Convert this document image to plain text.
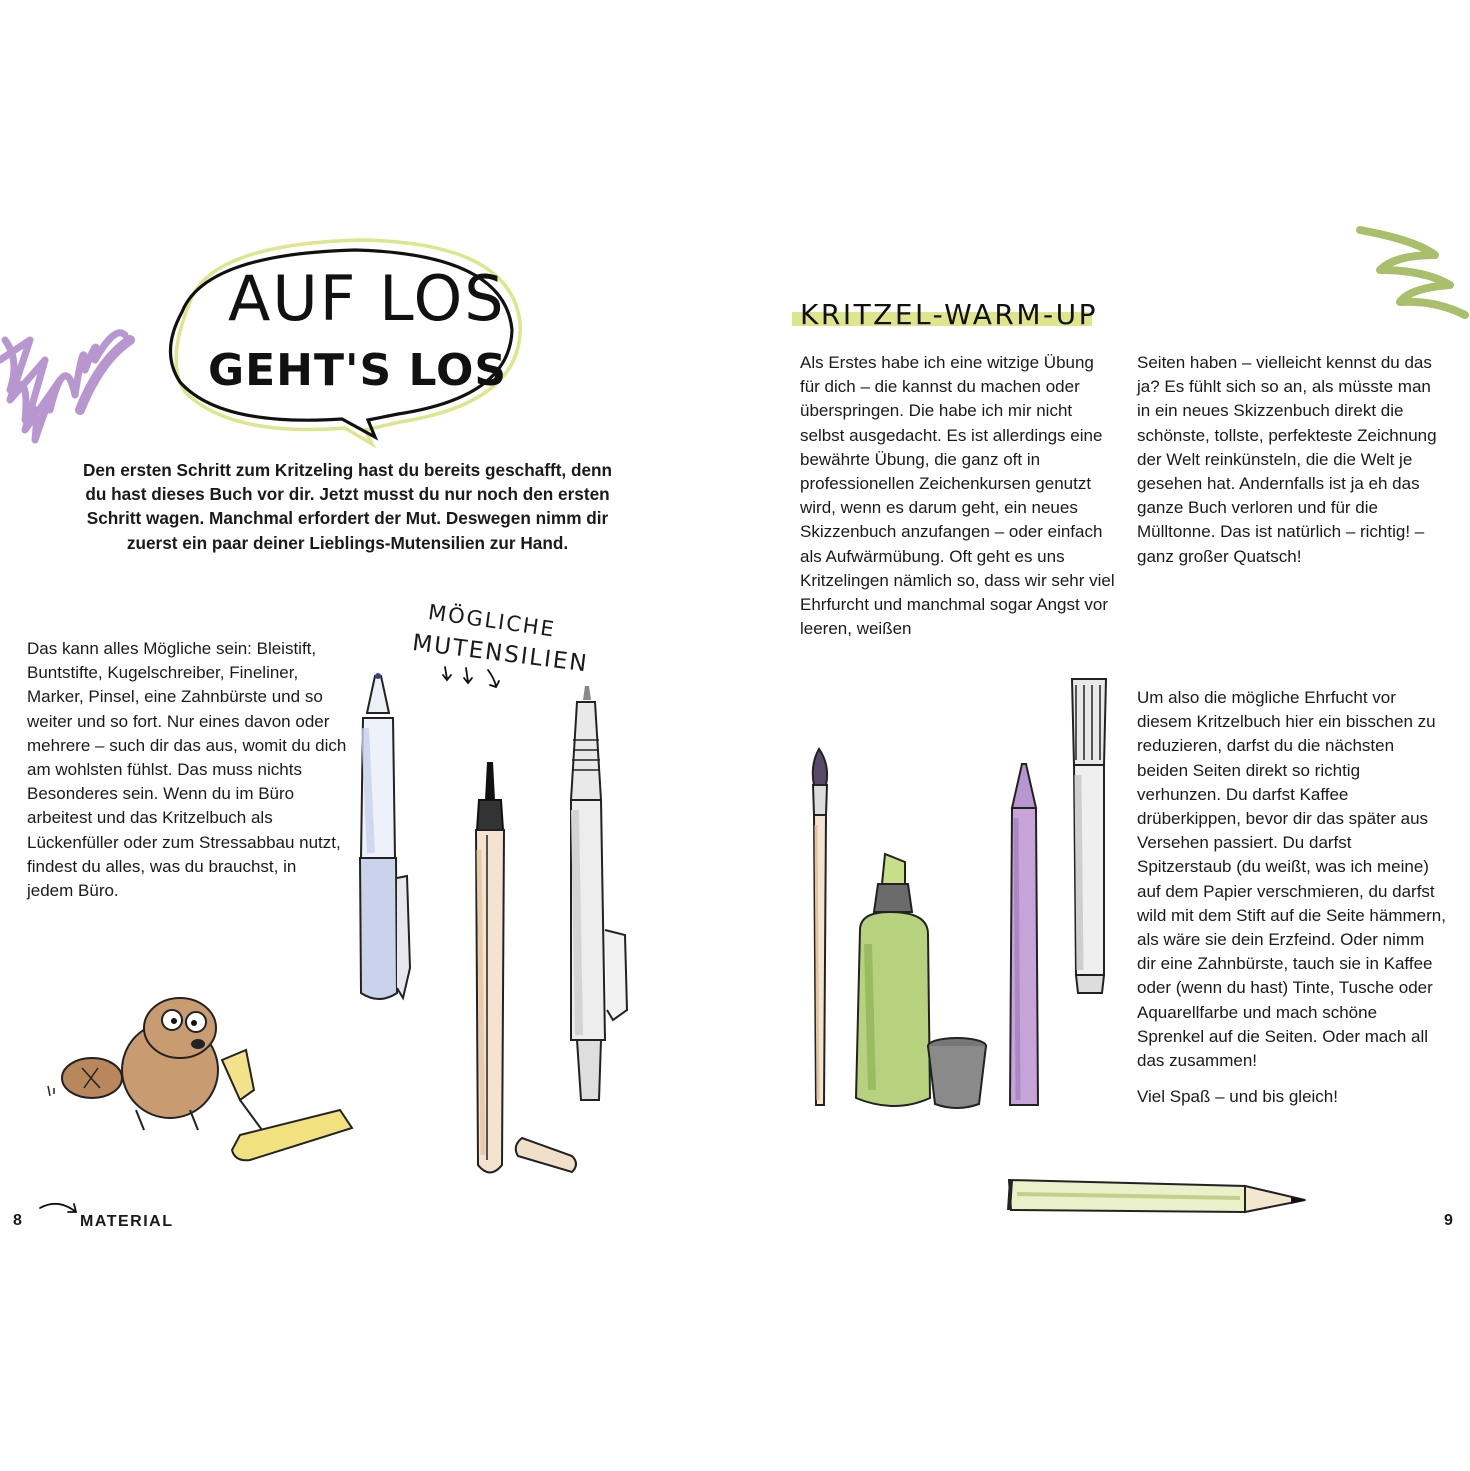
AUF LOS
GEHT'S LOS
Den ersten Schritt zum Kritzeling hast du bereits geschafft, denn du hast dieses Buch vor dir. Jetzt musst du nur noch den ersten Schritt wagen. Manchmal erfordert der Mut. Deswegen nimm dir zuerst ein paar deiner Lieblings-Mutensilien zur Hand.

Das kann alles Mögliche sein: Bleistift, Buntstifte, Kugelschreiber, Fineliner, Marker, Pinsel, eine Zahnbürste und so weiter und so fort. Nur eines davon oder mehrere – such dir das aus, womit du dich am wohlsten fühlst. Das muss nichts Besonderes sein. Wenn du im Büro arbeitest und das Kritzelbuch als Lückenfüller oder zum Stressabbau nutzt, findest du alles, was du brauchst, in jedem Büro.

MÖGLICHE
MUTENSILIEN
8	MATERIAL
KRITZEL-WARM-UP

Als Erstes habe ich eine witzige Übung für dich – die kannst du machen oder überspringen. Die habe ich mir nicht selbst ausgedacht. Es ist allerdings eine bewährte Übung, die ganz oft in professionellen Zeichenkursen genutzt wird, wenn es darum geht, ein neues Skizzenbuch anzufangen – oder einfach als Aufwärmübung. Oft geht es uns Kritzelingen nämlich so, dass wir sehr viel Ehrfurcht und manchmal sogar Angst vor leeren, weißen

Seiten haben – vielleicht kennst du das ja? Es fühlt sich so an, als müsste man in ein neues Skizzenbuch direkt die schönste, tollste, perfekteste Zeichnung der Welt reinkünsteln, die die Welt je gesehen hat. Andernfalls ist ja eh das ganze Buch verloren und für die Mülltonne. Das ist natürlich – richtig! – ganz großer Quatsch!

Um also die mögliche Ehrfucht vor diesem Kritzelbuch hier ein bisschen zu reduzieren, darfst du die nächsten beiden Seiten direkt so richtig verhunzen. Du darfst Kaffee drüberkippen, bevor dir das später aus Versehen passiert. Du darfst Spitzerstaub (du weißt, was ich meine) auf dem Papier verschmieren, du darfst wild mit dem Stift auf die Seite hämmern, als wäre sie dein Erzfeind. Oder nimm dir eine Zahnbürste, tauch sie in Kaffee oder (wenn du hast) Tinte, Tusche oder Aquarellfarbe und mach schöne Sprenkel auf die Seiten. Oder mach all das zusammen!

Viel Spaß – und bis gleich!

9
